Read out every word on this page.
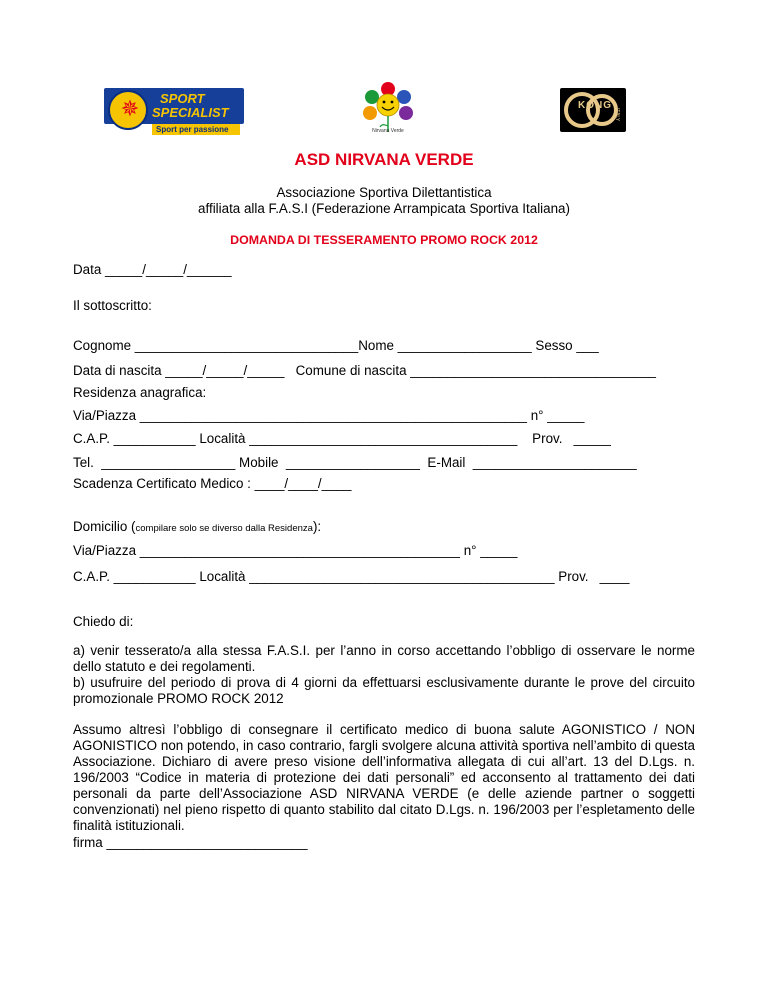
✵ SPORT
SPECIALIST
Sport per passione	Nirvana Verde
KONG
ITALY
ASD NIRVANA VERDE
Associazione Sportiva Dilettantistica
affiliata alla F.A.S.I (Federazione Arrampicata Sportiva Italiana)
DOMANDA DI TESSERAMENTO PROMO ROCK 2012
Data _____/_____/______
Il sottoscritto:
Cognome ______________________________Nome __________________ Sesso ___
Data di nascita _____/_____/_____   Comune di nascita _________________________________
Residenza anagrafica:
Via/Piazza ____________________________________________________ n° _____
C.A.P. ___________ Località ____________________________________    Prov.   _____
Tel.  __________________ Mobile  __________________  E-Mail  ______________________
Scadenza Certificato Medico : ____/____/____
Domicilio (compilare solo se diverso dalla Residenza):
Via/Piazza ___________________________________________ n° _____
C.A.P. ___________ Località _________________________________________ Prov.   ____
Chiedo di:
a) venir tesserato/a alla stessa F.A.S.I. per l’anno in corso accettando l’obbligo di osservare le norme dello statuto e dei regolamenti.
b) usufruire del periodo di prova di 4 giorni da effettuarsi esclusivamente durante le prove del circuito promozionale PROMO ROCK 2012
Assumo altresì l’obbligo di consegnare il certificato medico di buona salute AGONISTICO / NON AGONISTICO non potendo, in caso contrario, fargli svolgere alcuna attività sportiva nell’ambito di questa Associazione. Dichiaro di avere preso visione dell’informativa allegata di cui all’art. 13 del D.Lgs. n. 196/2003 “Codice in materia di protezione dei dati personali” ed acconsento al trattamento dei dati personali da parte dell’Associazione ASD NIRVANA VERDE (e delle aziende partner o soggetti convenzionati) nel pieno rispetto di quanto stabilito dal citato D.Lgs. n. 196/2003 per l’espletamento delle finalità istituzionali.
firma ___________________________
